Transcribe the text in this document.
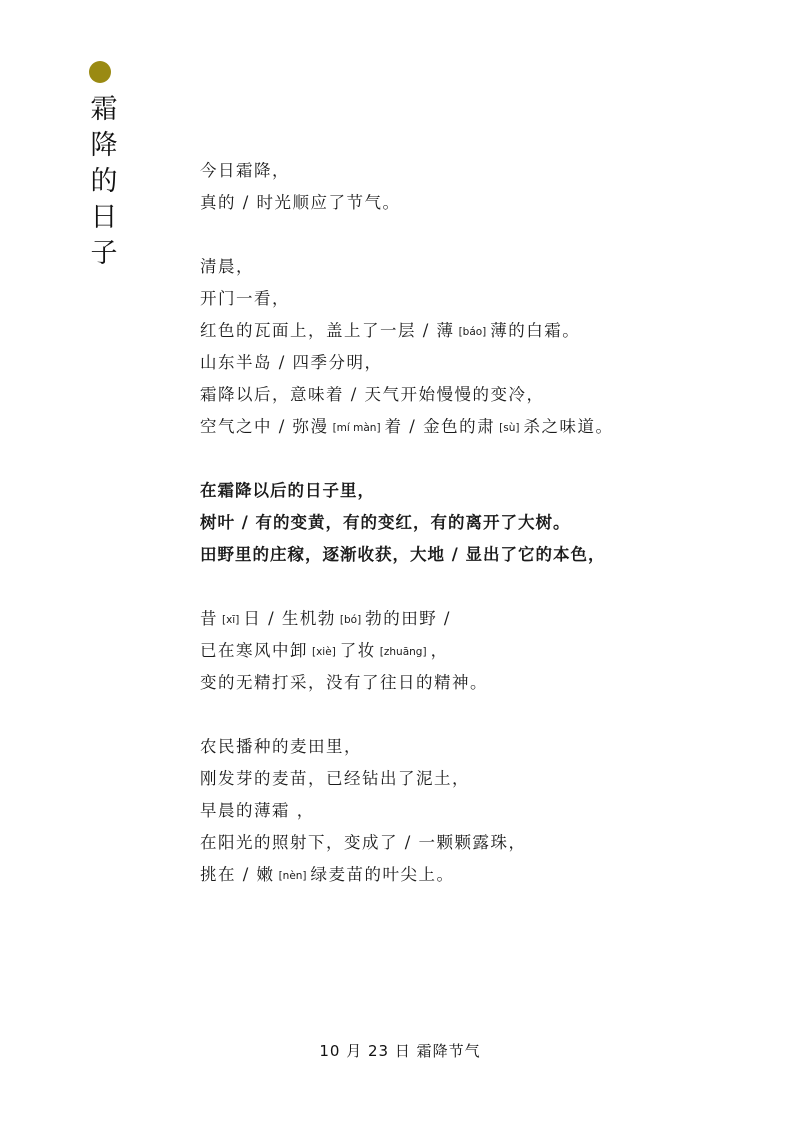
霜
降
的
日
子
今日霜降，
真的 / 时光顺应了节气。
清晨，
开门一看，
红色的瓦面上，盖上了一层 / 薄 [báo] 薄的白霜。
山东半岛 / 四季分明，
霜降以后，意味着 / 天气开始慢慢的变冷，
空气之中 / 弥漫 [mí màn] 着 / 金色的肃 [sù] 杀之味道。
在霜降以后的日子里，
树叶 / 有的变黄，有的变红，有的离开了大树。
田野里的庄稼，逐渐收获，大地 / 显出了它的本色，
昔 [xī] 日 / 生机勃 [bó] 勃的田野 /
已在寒风中卸 [xiè] 了妆 [zhuāng] ，
变的无精打采，没有了往日的精神。
农民播种的麦田里，
刚发芽的麦苗，已经钻出了泥土，
早晨的薄霜 ，
在阳光的照射下，变成了 / 一颗颗露珠，
挑在 / 嫩 [nèn] 绿麦苗的叶尖上。
10 月 23 日 霜降节气
